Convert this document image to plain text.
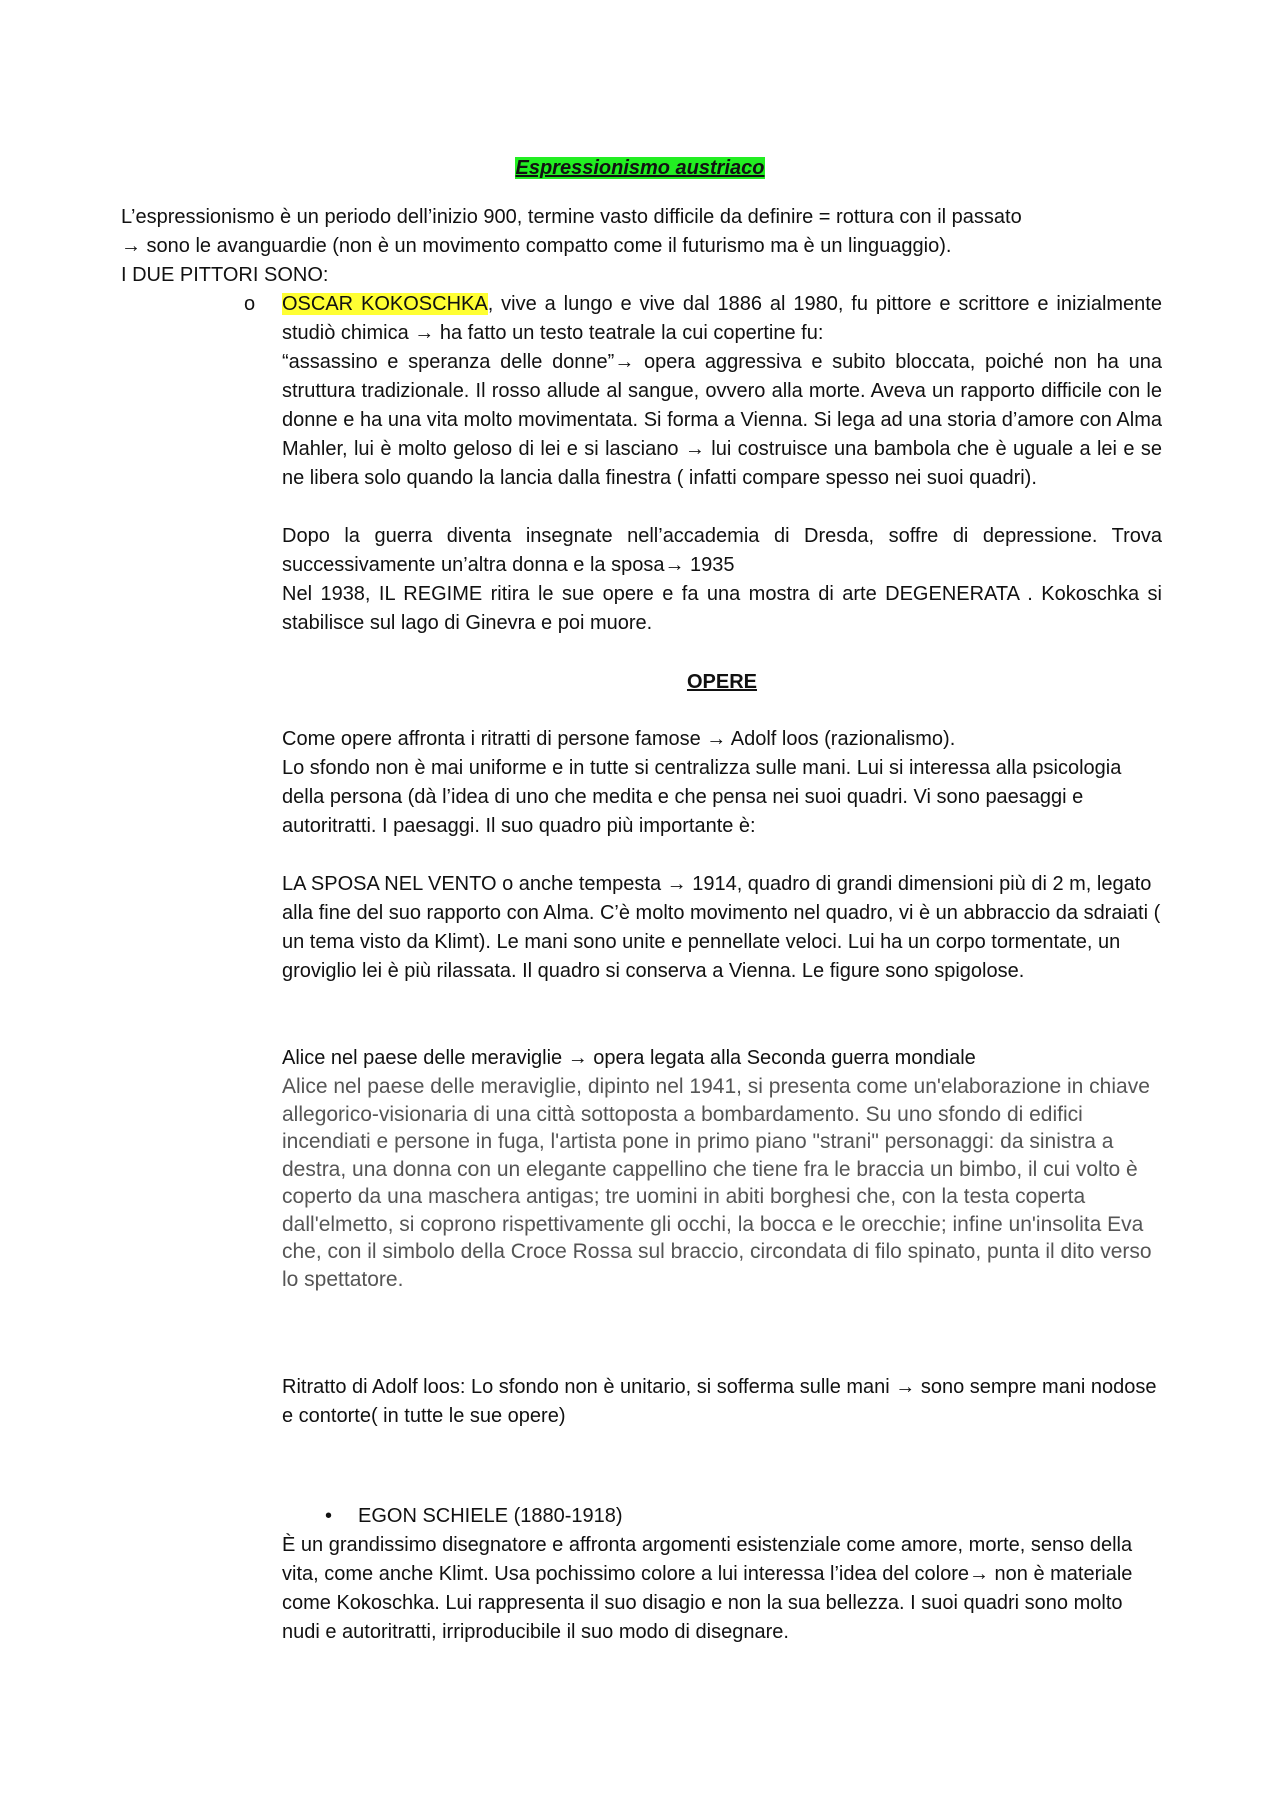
Espressionismo austriaco
L’espressionismo è un periodo dell’inizio 900, termine vasto difficile da definire = rottura con il passato
→ sono le avanguardie (non è un movimento compatto come il futurismo ma è un linguaggio).
I DUE PITTORI SONO:
o OSCAR KOKOSCHKA, vive a lungo e vive dal 1886 al 1980, fu pittore e scrittore e inizialmente studiò chimica → ha fatto un testo teatrale la cui copertine fu:
“assassino e speranza delle donne”→ opera aggressiva e subito bloccata, poiché non ha una struttura tradizionale. Il rosso allude al sangue, ovvero alla morte. Aveva un rapporto difficile con le donne e ha una vita molto movimentata. Si forma a Vienna. Si lega ad una storia d’amore con Alma Mahler, lui è molto geloso di lei e si lasciano → lui costruisce una bambola che è uguale a lei e se ne libera solo quando la lancia dalla finestra ( infatti compare spesso nei suoi quadri).
Dopo la guerra diventa insegnate nell’accademia di Dresda, soffre di depressione. Trova successivamente un’altra donna e la sposa→ 1935
Nel 1938, IL REGIME ritira le sue opere e fa una mostra di arte DEGENERATA . Kokoschka si stabilisce sul lago di Ginevra e poi muore.
OPERE
Come opere affronta i ritratti di persone famose → Adolf loos (razionalismo).
Lo sfondo non è mai uniforme e in tutte si centralizza sulle mani. Lui si interessa alla psicologia della persona (dà l’idea di uno che medita e che pensa nei suoi quadri. Vi sono paesaggi e autoritratti. I paesaggi. Il suo quadro più importante è:
LA SPOSA NEL VENTO o anche tempesta → 1914, quadro di grandi dimensioni più di 2 m, legato alla fine del suo rapporto con Alma. C’è molto movimento nel quadro, vi è un abbraccio da sdraiati ( un tema visto da Klimt). Le mani sono unite e pennellate veloci. Lui ha un corpo tormentate, un groviglio lei è più rilassata. Il quadro si conserva a Vienna. Le figure sono spigolose.
Alice nel paese delle meraviglie → opera legata alla Seconda guerra mondiale
Alice nel paese delle meraviglie, dipinto nel 1941, si presenta come un'elaborazione in chiave allegorico-visionaria di una città sottoposta a bombardamento. Su uno sfondo di edifici incendiati e persone in fuga, l'artista pone in primo piano "strani" personaggi: da sinistra a destra, una donna con un elegante cappellino che tiene fra le braccia un bimbo, il cui volto è coperto da una maschera antigas; tre uomini in abiti borghesi che, con la testa coperta dall'elmetto, si coprono rispettivamente gli occhi, la bocca e le orecchie; infine un'insolita Eva che, con il simbolo della Croce Rossa sul braccio, circondata di filo spinato, punta il dito verso lo spettatore.
Ritratto di Adolf loos: Lo sfondo non è unitario, si sofferma sulle mani → sono sempre mani nodose e contorte( in tutte le sue opere)
• EGON SCHIELE (1880-1918)
È un grandissimo disegnatore e affronta argomenti esistenziale come amore, morte, senso della vita, come anche Klimt. Usa pochissimo colore a lui interessa l’idea del colore→ non è materiale come Kokoschka. Lui rappresenta il suo disagio e non la sua bellezza. I suoi quadri sono molto nudi e autoritratti, irriproducibile il suo modo di disegnare.
